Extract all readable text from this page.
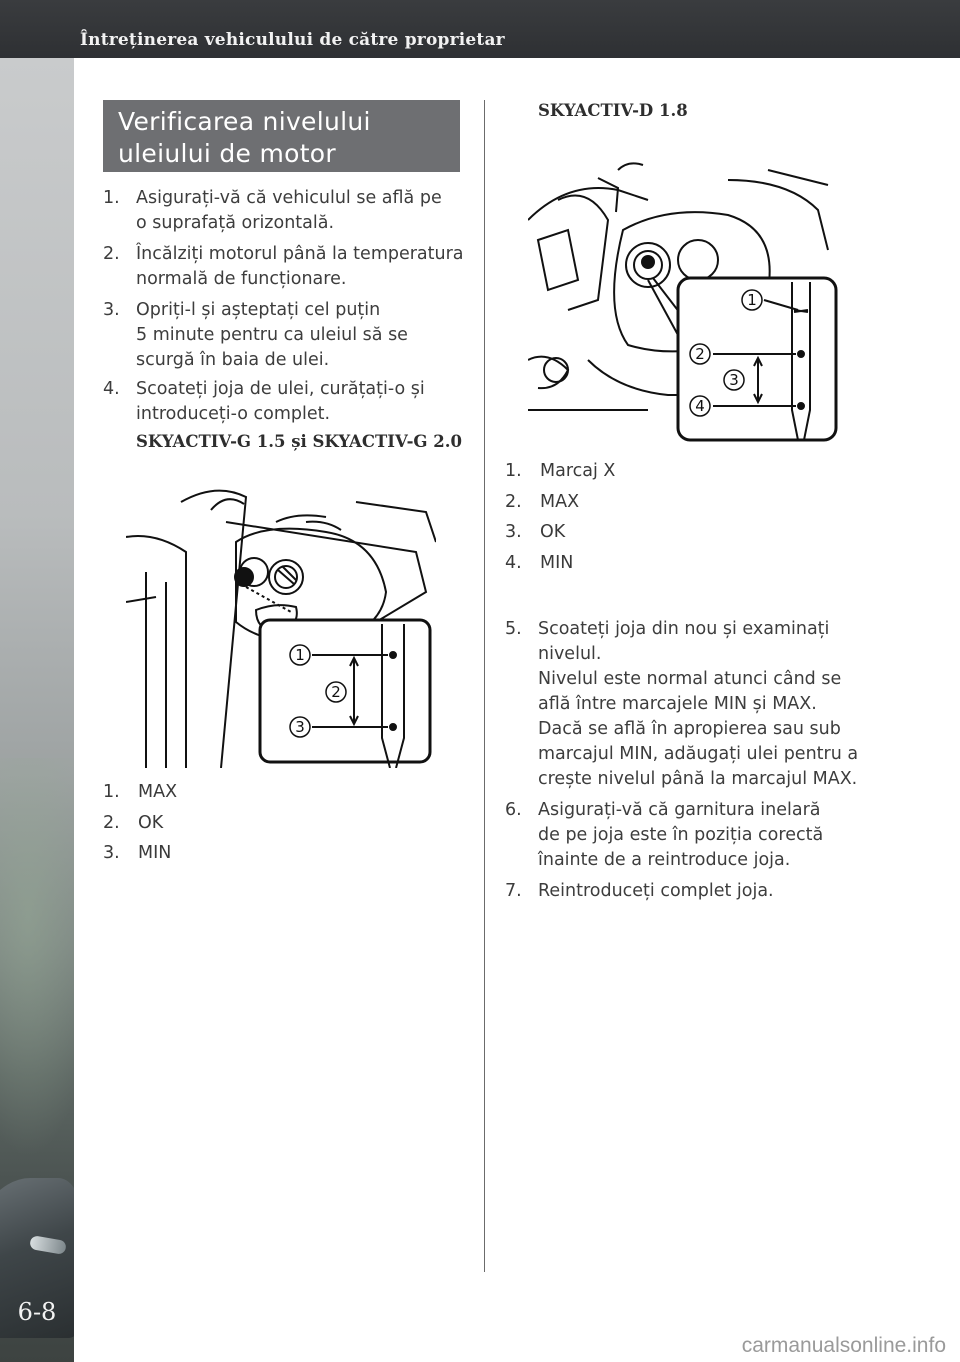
Întreținerea vehiculului de către proprietar
6-8
Verificarea nivelului
uleiului de motor
1. Asigurați-vă că vehiculul se află pe
o suprafață orizontală.
2. Încălziți motorul până la temperatura
normală de funcționare.
3. Opriți-l și așteptați cel puțin
5 minute pentru ca uleiul să se
scurgă în baia de ulei.
4. Scoateți joja de ulei, curățați-o și
introduceți-o complet.
SKYACTIV-G 1.5 și SKYACTIV-G 2.0
1
2
3
1. MAX
2. OK
3. MIN
SKYACTIV-D 1.8
1
2
3
4
1. Marcaj X
2. MAX
3. OK
4. MIN
5. Scoateți joja din nou și examinați
nivelul.
Nivelul este normal atunci când se
află între marcajele MIN și MAX.
Dacă se află în apropierea sau sub
marcajul MIN, adăugați ulei pentru a
crește nivelul până la marcajul MAX.
6. Asigurați-vă că garnitura inelară
de pe joja este în poziția corectă
înainte de a reintroduce joja.
7. Reintroduceți complet joja.
carmanualsonline.info
